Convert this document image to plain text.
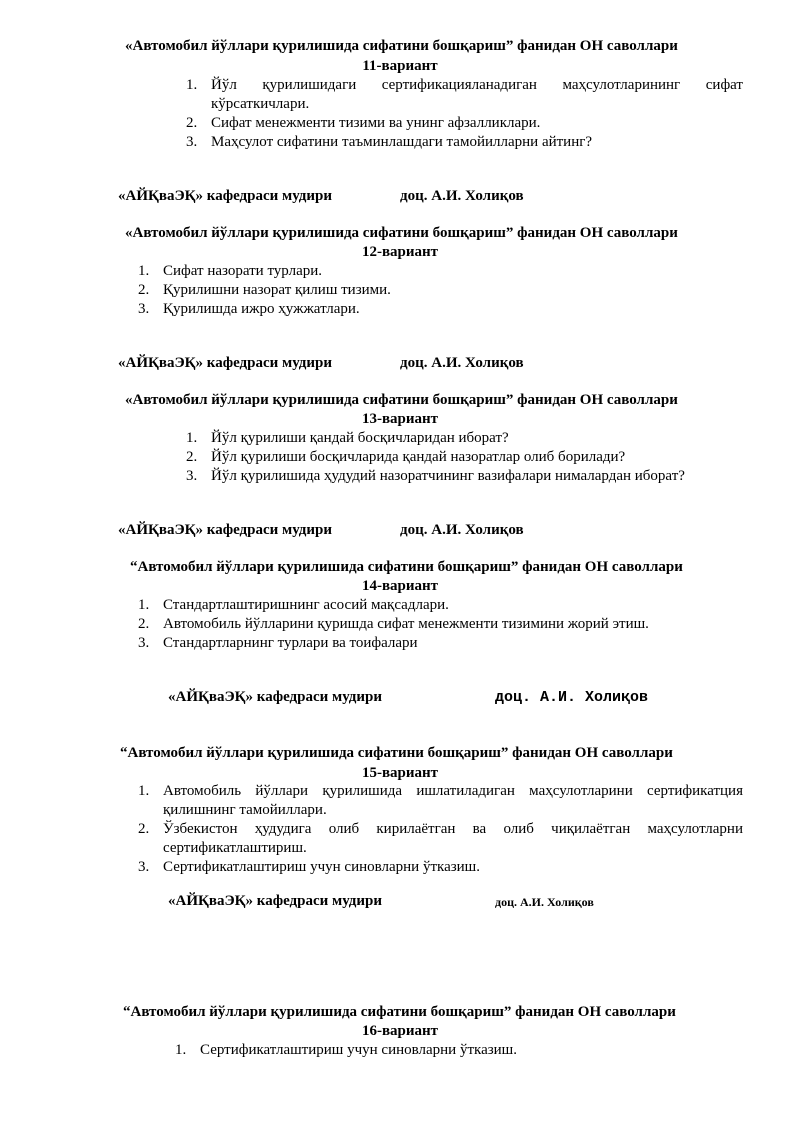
«Автомобил йўллари қурилишида сифатини бошқариш” фанидан ОН саволлари
11-вариант
1. Йўл қурилишидаги сертификацияланадиган маҳсулотларининг сифат кўрсаткичлари.
2. Сифат менежменти тизими ва унинг афзалликлари.
3. Маҳсулот сифатини таъминлашдаги тамойилларни айтинг?
«АЙҚваЭҚ» кафедраси мудири	доц. А.И. Холиқов
«Автомобил йўллари қурилишида сифатини бошқариш” фанидан ОН саволлари
12-вариант
1. Сифат назорати турлари.
2. Қурилишни назорат қилиш тизими.
3. Қурилишда ижро ҳужжатлари.
«АЙҚваЭҚ» кафедраси мудири	доц. А.И. Холиқов
«Автомобил йўллари қурилишида сифатини бошқариш” фанидан ОН саволлари
13-вариант
1. Йўл қурилиши қандай босқичларидан иборат?
2. Йўл қурилиши босқичларида қандай назоратлар олиб борилади?
3. Йўл қурилишида ҳудудий назоратчининг вазифалари нималардан иборат?
«АЙҚваЭҚ» кафедраси мудири	доц. А.И. Холиқов
“Автомобил йўллари қурилишида сифатини бошқариш” фанидан ОН саволлари
14-вариант
1. Стандартлаштиришнинг асосий мақсадлари.
2. Автомобиль йўлларини қуришда сифат менежменти тизимини жорий этиш.
3. Стандартларнинг турлари ва тоифалари
«АЙҚваЭҚ» кафедраси мудири	доц. А.И. Холиқов
“Автомобил йўллари қурилишида сифатини бошқариш” фанидан ОН саволлари
15-вариант
1. Автомобиль йўллари қурилишида ишлатиладиган маҳсулотларини сертификатция қилишнинг тамойиллари.
2. Ўзбекистон ҳудудига олиб кирилаётган ва олиб чиқилаётган маҳсулотларни сертификатлаштириш.
3. Сертификатлаштириш учун синовларни ўтказиш.
«АЙҚваЭҚ» кафедраси мудири	доц. А.И. Холиқов
“Автомобил йўллари қурилишида сифатини бошқариш” фанидан ОН саволлари
16-вариант
1. Сертификатлаштириш учун синовларни ўтказиш.
